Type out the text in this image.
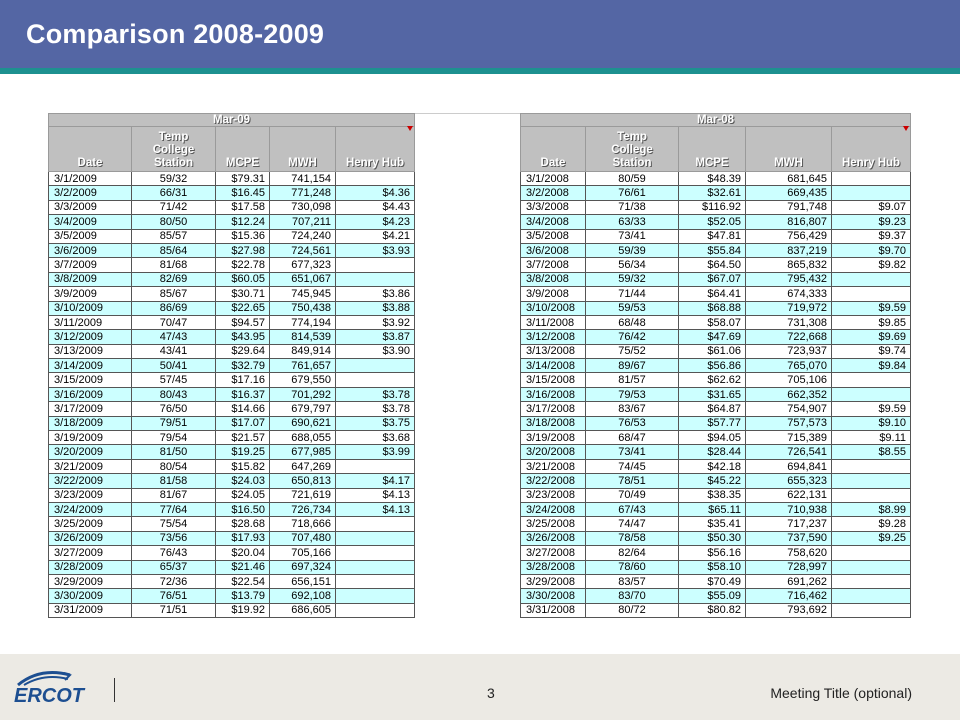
Comparison 2008-2009
Mar-09				
Date	Temp
College
Station	MCPE	MWH	Henry Hub

3/1/2009	59/32	$79.31	741,154	
3/2/2009	66/31	$16.45	771,248	$4.36
3/3/2009	71/42	$17.58	730,098	$4.43
3/4/2009	80/50	$12.24	707,211	$4.23
3/5/2009	85/57	$15.36	724,240	$4.21
3/6/2009	85/64	$27.98	724,561	$3.93
3/7/2009	81/68	$22.78	677,323	
3/8/2009	82/69	$60.05	651,067	
3/9/2009	85/67	$30.71	745,945	$3.86
3/10/2009	86/69	$22.65	750,438	$3.88
3/11/2009	70/47	$94.57	774,194	$3.92
3/12/2009	47/43	$43.95	814,539	$3.87
3/13/2009	43/41	$29.64	849,914	$3.90
3/14/2009	50/41	$32.79	761,657	
3/15/2009	57/45	$17.16	679,550	
3/16/2009	80/43	$16.37	701,292	$3.78
3/17/2009	76/50	$14.66	679,797	$3.78
3/18/2009	79/51	$17.07	690,621	$3.75
3/19/2009	79/54	$21.57	688,055	$3.68
3/20/2009	81/50	$19.25	677,985	$3.99
3/21/2009	80/54	$15.82	647,269	
3/22/2009	81/58	$24.03	650,813	$4.17
3/23/2009	81/67	$24.05	721,619	$4.13
3/24/2009	77/64	$16.50	726,734	$4.13
3/25/2009	75/54	$28.68	718,666	
3/26/2009	73/56	$17.93	707,480	
3/27/2009	76/43	$20.04	705,166	
3/28/2009	65/37	$21.46	697,324	
3/29/2009	72/36	$22.54	656,151	
3/30/2009	76/51	$13.79	692,108	
3/31/2009	71/51	$19.92	686,605	
Mar-08				
Date	Temp
College
Station	MCPE	MWH	Henry Hub

3/1/2008	80/59	$48.39	681,645	
3/2/2008	76/61	$32.61	669,435	
3/3/2008	71/38	$116.92	791,748	$9.07
3/4/2008	63/33	$52.05	816,807	$9.23
3/5/2008	73/41	$47.81	756,429	$9.37
3/6/2008	59/39	$55.84	837,219	$9.70
3/7/2008	56/34	$64.50	865,832	$9.82
3/8/2008	59/32	$67.07	795,432	
3/9/2008	71/44	$64.41	674,333	
3/10/2008	59/53	$68.88	719,972	$9.59
3/11/2008	68/48	$58.07	731,308	$9.85
3/12/2008	76/42	$47.69	722,668	$9.69
3/13/2008	75/52	$61.06	723,937	$9.74
3/14/2008	89/67	$56.86	765,070	$9.84
3/15/2008	81/57	$62.62	705,106	
3/16/2008	79/53	$31.65	662,352	
3/17/2008	83/67	$64.87	754,907	$9.59
3/18/2008	76/53	$57.77	757,573	$9.10
3/19/2008	68/47	$94.05	715,389	$9.11
3/20/2008	73/41	$28.44	726,541	$8.55
3/21/2008	74/45	$42.18	694,841	
3/22/2008	78/51	$45.22	655,323	
3/23/2008	70/49	$38.35	622,131	
3/24/2008	67/43	$65.11	710,938	$8.99
3/25/2008	74/47	$35.41	717,237	$9.28
3/26/2008	78/58	$50.30	737,590	$9.25
3/27/2008	82/64	$56.16	758,620	
3/28/2008	78/60	$58.10	728,997	
3/29/2008	83/57	$70.49	691,262	
3/30/2008	83/70	$55.09	716,462	
3/31/2008	80/72	$80.82	793,692	
ERCOT	3	Meeting Title (optional)
